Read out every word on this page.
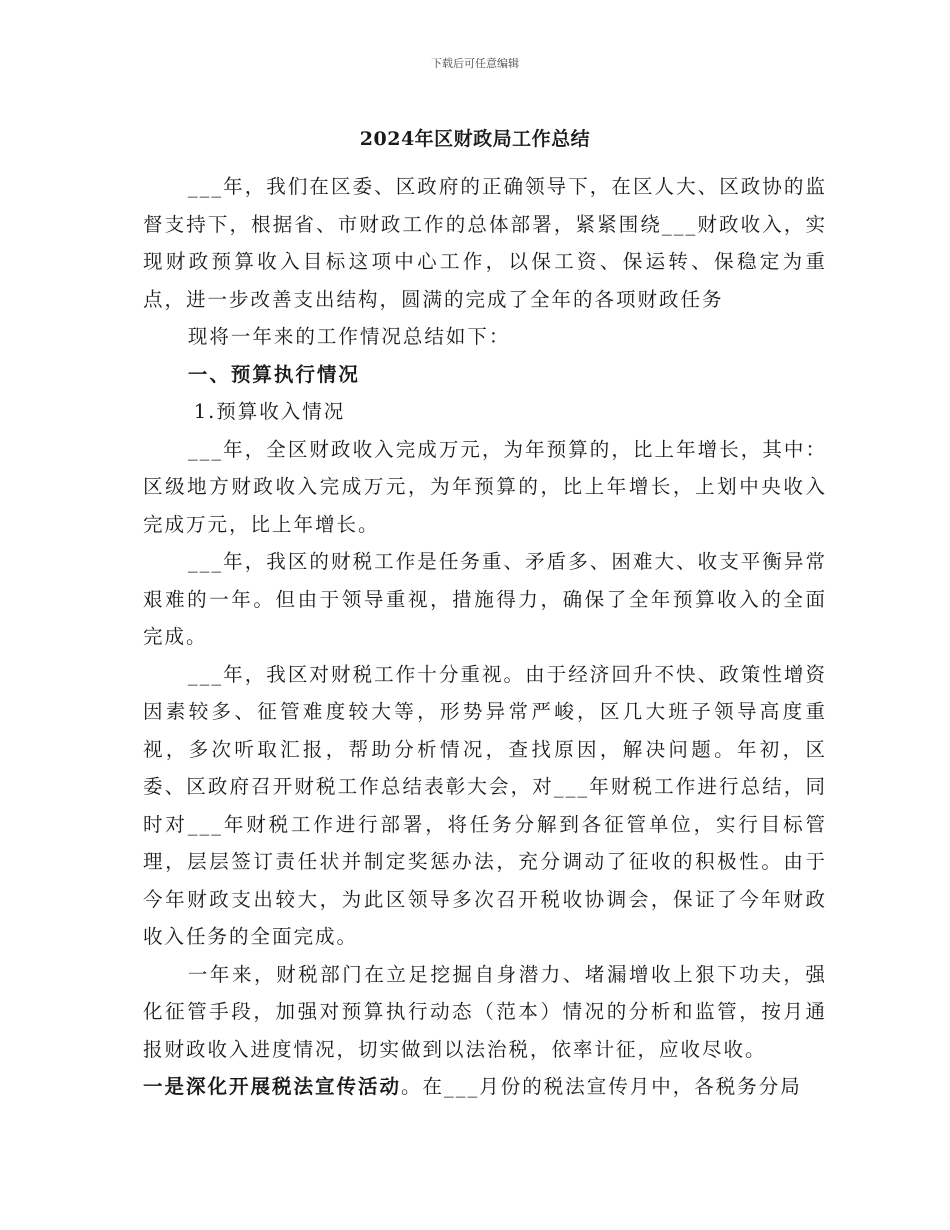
下载后可任意编辑
2024年区财政局工作总结

___年，我们在区委、区政府的正确领导下，在区人大、区政协的监督支持下，根据省、市财政工作的总体部署，紧紧围绕___财政收入，实现财政预算收入目标这项中心工作，以保工资、保运转、保稳定为重点，进一步改善支出结构，圆满的完成了全年的各项财政任务

现将一年来的工作情况总结如下：

一、预算执行情况

1.预算收入情况

___年，全区财政收入完成万元，为年预算的，比上年增长，其中：区级地方财政收入完成万元，为年预算的，比上年增长，上划中央收入完成万元，比上年增长。

___年，我区的财税工作是任务重、矛盾多、困难大、收支平衡异常艰难的一年。但由于领导重视，措施得力，确保了全年预算收入的全面完成。

___年，我区对财税工作十分重视。由于经济回升不快、政策性增资因素较多、征管难度较大等，形势异常严峻，区几大班子领导高度重视，多次听取汇报，帮助分析情况，查找原因，解决问题。年初，区委、区政府召开财税工作总结表彰大会，对___年财税工作进行总结，同时对___年财税工作进行部署，将任务分解到各征管单位，实行目标管理，层层签订责任状并制定奖惩办法，充分调动了征收的积极性。由于今年财政支出较大，为此区领导多次召开税收协调会，保证了今年财政收入任务的全面完成。

一年来，财税部门在立足挖掘自身潜力、堵漏增收上狠下功夫，强化征管手段，加强对预算执行动态（范本）情况的分析和监管，按月通报财政收入进度情况，切实做到以法治税，依率计征，应收尽收。

一是深化开展税法宣传活动。在___月份的税法宣传月中，各税务分局
